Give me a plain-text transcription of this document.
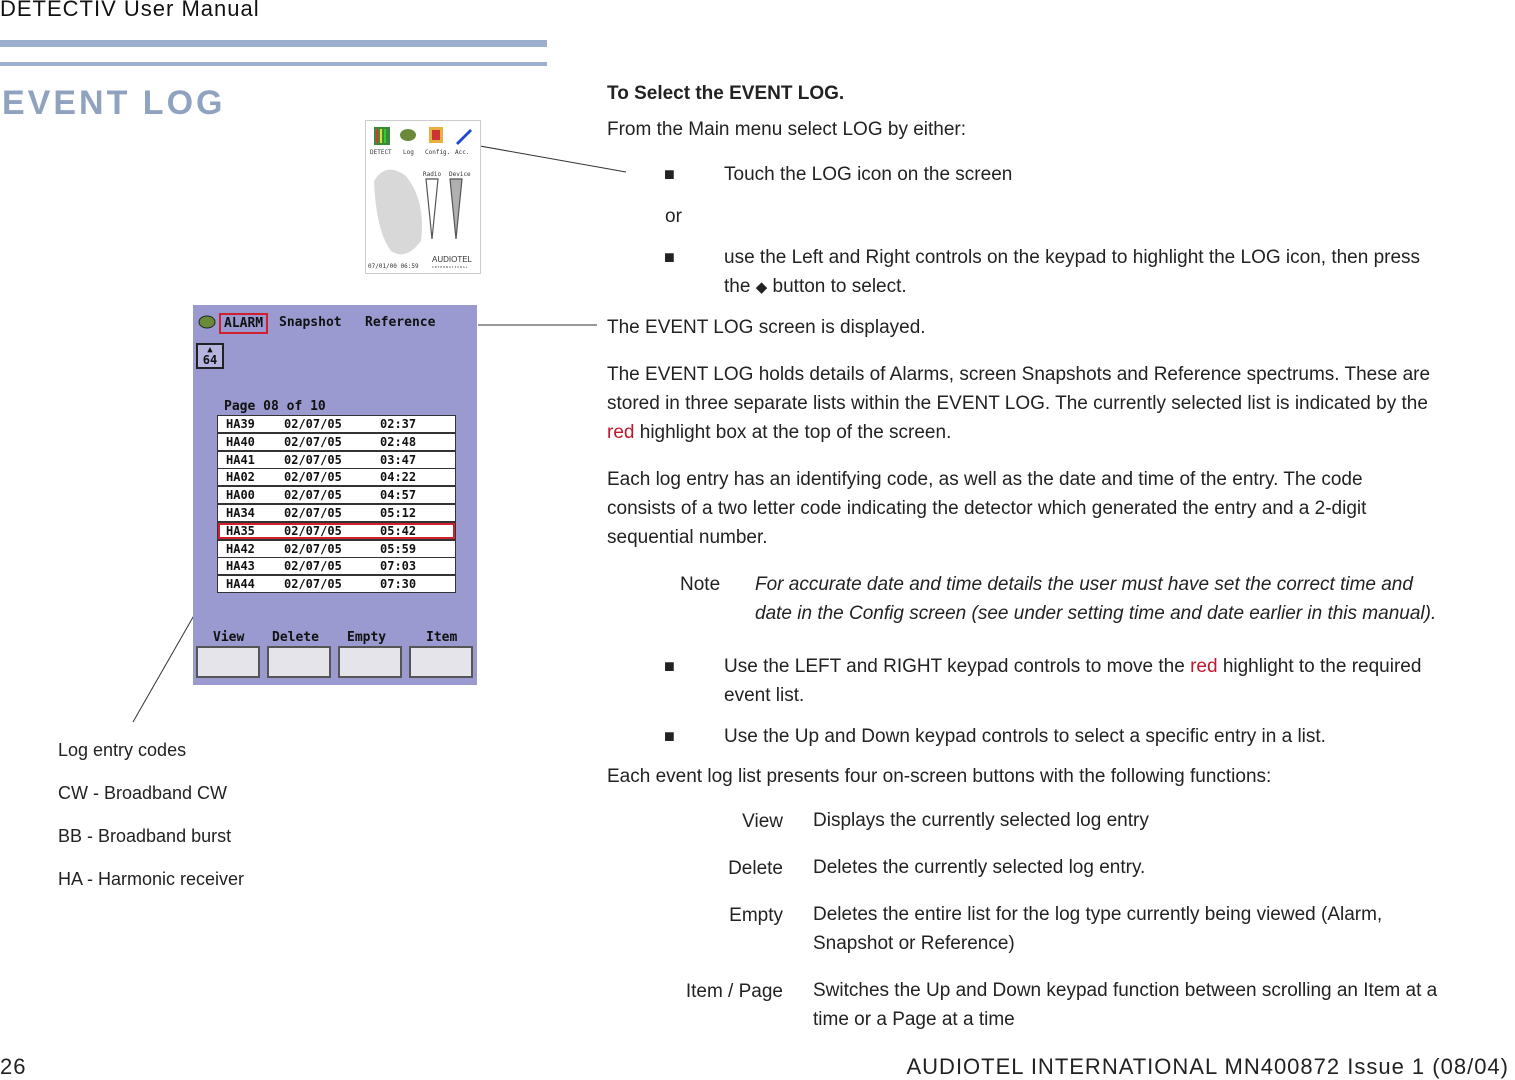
DETECTIV User Manual
EVENT LOG
DETECT Log Config. Acc.
Radio Device
07/01/00 06:59
AUDIOTEL
INTERNATIONAL
ALARM	Snapshot Reference
▲
64
Page 08 of 10
View Delete Empty	Item
HA39 02/07/05	02:37
HA40 02/07/05	02:48
HA41 02/07/05	03:47
HA02 02/07/05	04:22
HA00 02/07/05	04:57
HA34 02/07/05	05:12
HA35 02/07/05	05:42
HA42 02/07/05	05:59
HA43 02/07/05	07:03
HA44 02/07/05	07:30
Log entry codes
CW - Broadband CW
BB - Broadband burst
HA - Harmonic receiver
To Select the EVENT LOG.
From the Main menu select LOG by either:
■	Touch the LOG icon on the screen
or
■	use the Left and Right controls on the keypad to highlight the LOG icon, then press
the ◆ button to select.
The EVENT LOG screen is displayed.
The EVENT LOG holds details of Alarms, screen Snapshots and Reference spectrums. These are
stored in three separate lists within the EVENT LOG. The currently selected list is indicated by the
red highlight box at the top of the screen.
Each log entry has an identifying code, as well as the date and time of the entry. The code
consists of a two letter code indicating the detector which generated the entry and a 2-digit
sequential number.
Note For accurate date and time details the user must have set the correct time and
date in the Config screen (see under setting time and date earlier in this manual).
■	Use the LEFT and RIGHT keypad controls to move the red highlight to the required
event list.
■	Use the Up and Down keypad controls to select a specific entry in a list.
Each event log list presents four on-screen buttons with the following functions:
View Displays the currently selected log entry
Delete Deletes the currently selected log entry.
Empty Deletes the entire list for the log type currently being viewed (Alarm,
Snapshot or Reference)
Item / Page Switches the Up and Down keypad function between scrolling an Item at a
time or a Page at a time
26	AUDIOTEL INTERNATIONAL MN400872 Issue 1 (08/04)
